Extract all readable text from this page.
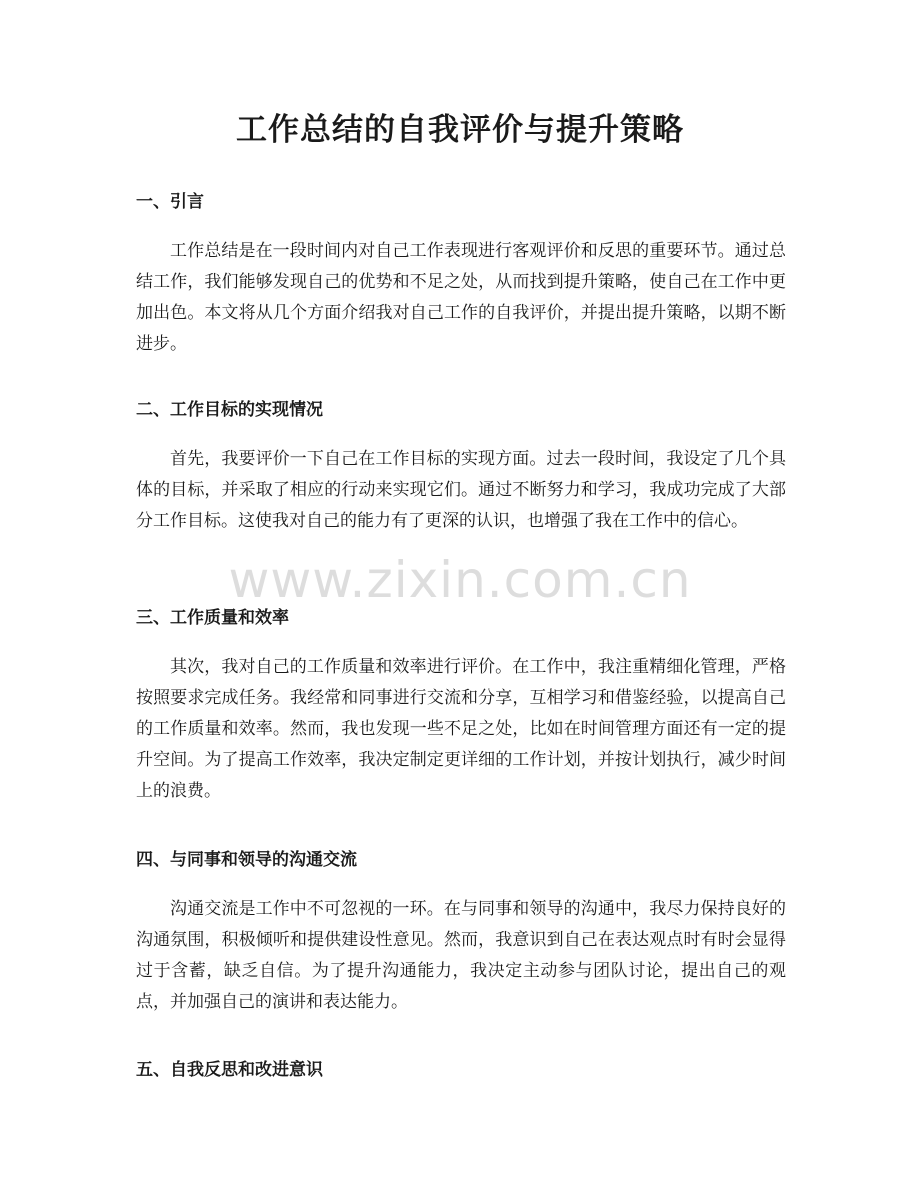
工作总结的自我评价与提升策略
一、引言

工作总结是在一段时间内对自己工作表现进行客观评价和反思的重要环节。通过总结工作，我们能够发现自己的优势和不足之处，从而找到提升策略，使自己在工作中更加出色。本文将从几个方面介绍我对自己工作的自我评价，并提出提升策略，以期不断进步。

二、工作目标的实现情况

首先，我要评价一下自己在工作目标的实现方面。过去一段时间，我设定了几个具体的目标，并采取了相应的行动来实现它们。通过不断努力和学习，我成功完成了大部分工作目标。这使我对自己的能力有了更深的认识，也增强了我在工作中的信心。

www.zixin.com.cn
三、工作质量和效率

其次，我对自己的工作质量和效率进行评价。在工作中，我注重精细化管理，严格按照要求完成任务。我经常和同事进行交流和分享，互相学习和借鉴经验，以提高自己的工作质量和效率。然而，我也发现一些不足之处，比如在时间管理方面还有一定的提升空间。为了提高工作效率，我决定制定更详细的工作计划，并按计划执行，减少时间上的浪费。

四、与同事和领导的沟通交流

沟通交流是工作中不可忽视的一环。在与同事和领导的沟通中，我尽力保持良好的沟通氛围，积极倾听和提供建设性意见。然而，我意识到自己在表达观点时有时会显得过于含蓄，缺乏自信。为了提升沟通能力，我决定主动参与团队讨论，提出自己的观点，并加强自己的演讲和表达能力。

五、自我反思和改进意识
